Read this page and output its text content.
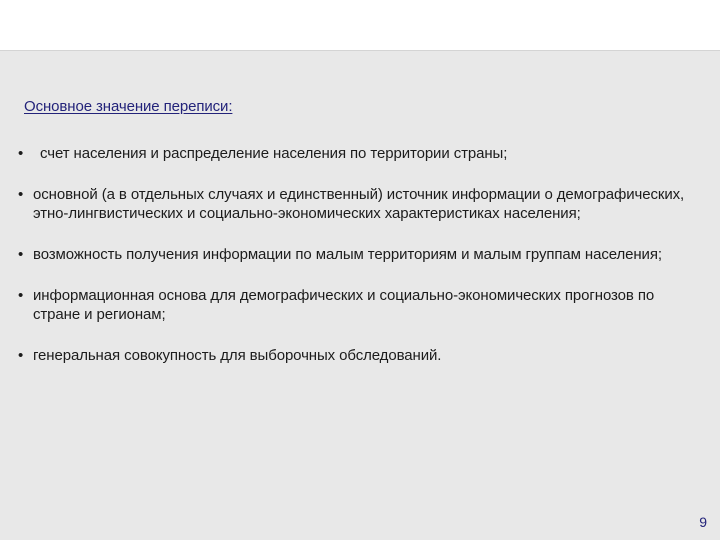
Основное значение переписи:
• счет населения и распределение населения по территории страны;
• основной (а в отдельных случаях и единственный) источник информации о демографических, этно-лингвистических и социально-экономических характеристиках населения;
• возможность получения информации по малым территориям и малым группам населения;
• информационная основа для демографических и социально-экономических прогнозов по стране и регионам;
• генеральная совокупность для выборочных обследований.
9
